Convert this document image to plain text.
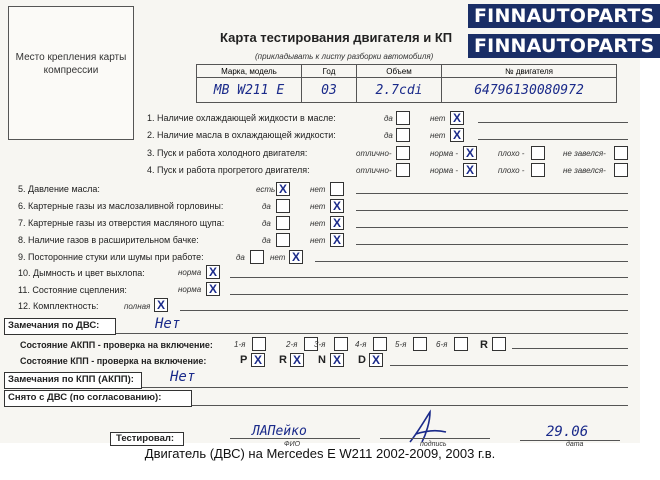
Место крепления карты компрессии
Карта тестирования двигателя и КП
(прикладывать к листу разборки автомобиля)
Марка, модель	Год	Объем	№ двигателя
MB W211 E	03	2.7cdi	64796130080972
1. Наличие охлаждающей жидкости в масле:	да	нет X
2. Наличие масла в охлаждающей жидкости:	да	нет X
3. Пуск и работа холодного двигателя:	отлично-	норма - X	плохо -	не завелся-
4. Пуск и работа прогретого двигателя:	отлично-	норма - X	плохо -	не завелся-
5. Давление масла:	есть X	нет
6. Картерные газы из маслозаливной горловины:	да	нет X
7. Картерные газы из отверстия масляного щупа:	да	нет X
8. Наличие газов в расширительном бачке:	да	нет X
9. Посторонние стуки или шумы при работе:	да	нет X
10. Дымность и цвет выхлопа:	норма X
11. Состояние сцепления:	норма X
12. Комплектность:	полная X
Замечания по ДВС:	Нет
Состояние АКПП - проверка на включение:	1-я	2-я 3-я	4-я	5-я	6-я	R
Состояние КПП - проверка на включение:	P X R X N X D X
Замечания по КПП (АКПП):	Нет
Снято с ДВС (по согласованию):
Тестировал:	ЛАПейко
ФИО	подпись
29.06
дата
FINNAUTOPARTS
FINNAUTOPARTS
Двигатель (ДВС) на Mercedes E W211 2002-2009, 2003 г.в.
